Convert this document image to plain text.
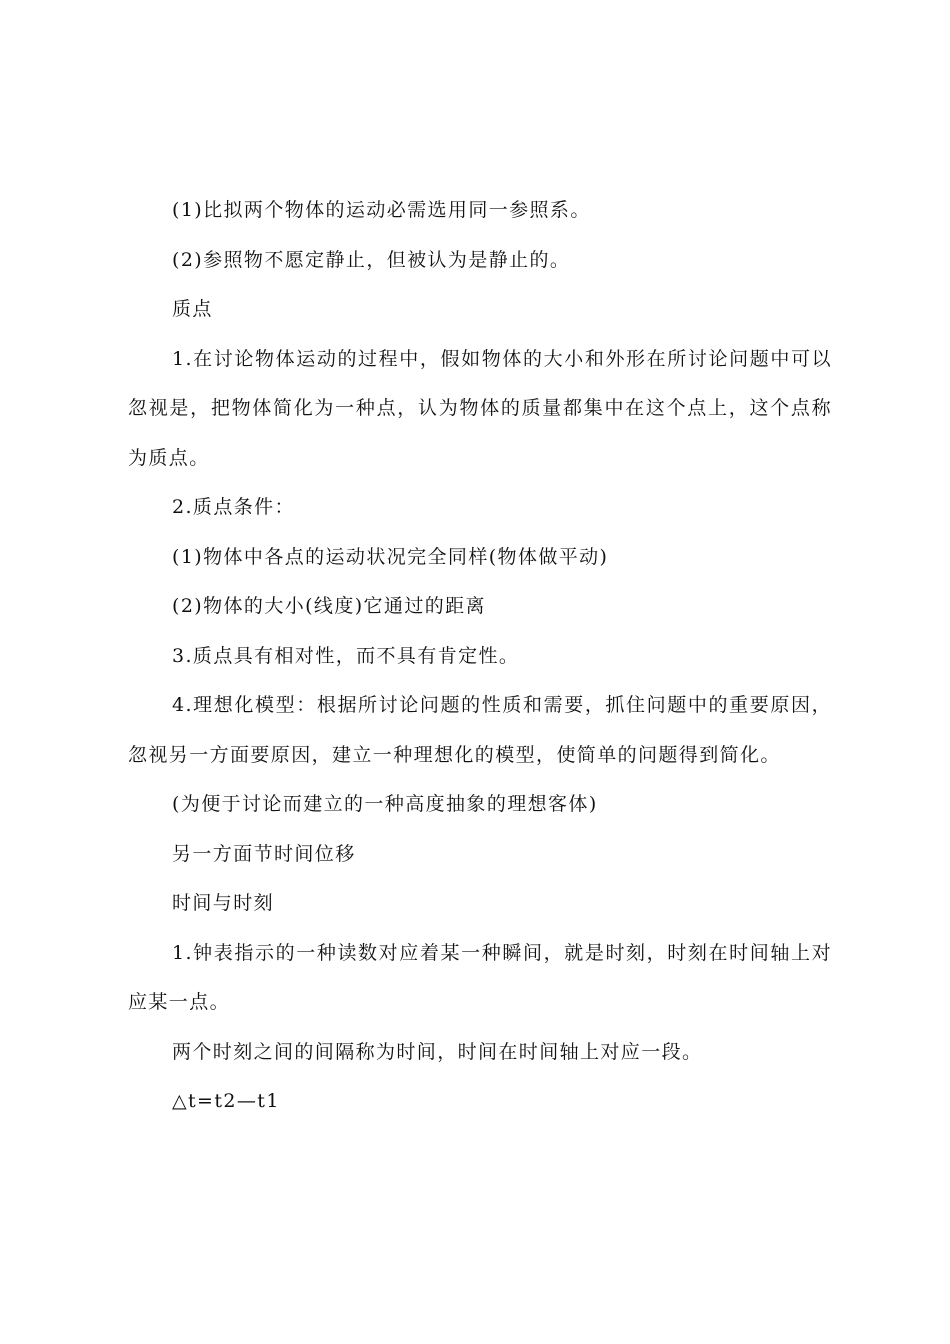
(1)比拟两个物体的运动必需选用同一参照系。

(2)参照物不愿定静止，但被认为是静止的。

质点

1.在讨论物体运动的过程中，假如物体的大小和外形在所讨论问题中可以忽视是，把物体简化为一种点，认为物体的质量都集中在这个点上，这个点称为质点。

2.质点条件：

(1)物体中各点的运动状况完全同样(物体做平动)

(2)物体的大小(线度)它通过的距离

3.质点具有相对性，而不具有肯定性。

4.理想化模型：根据所讨论问题的性质和需要，抓住问题中的重要原因，忽视另一方面要原因，建立一种理想化的模型，使简单的问题得到简化。

(为便于讨论而建立的一种高度抽象的理想客体)

另一方面节时间位移

时间与时刻

1.钟表指示的一种读数对应着某一种瞬间，就是时刻，时刻在时间轴上对应某一点。

两个时刻之间的间隔称为时间，时间在时间轴上对应一段。

△t=t2—t1
